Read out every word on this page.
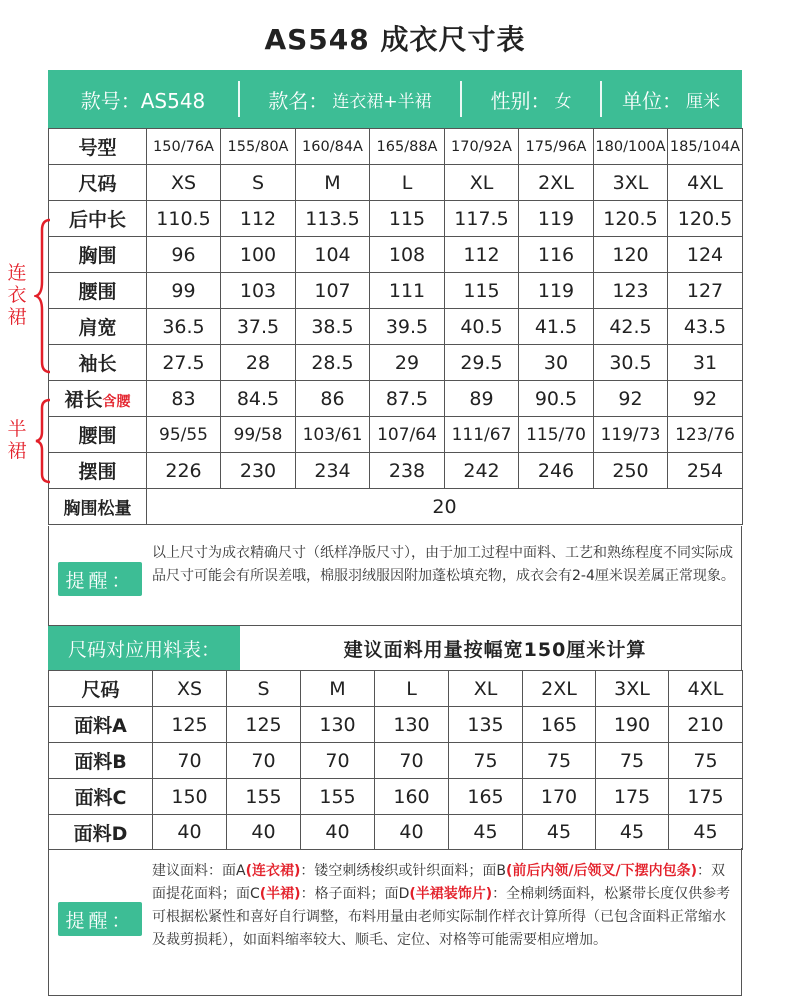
AS548 成衣尺寸表
款号：AS548	款名： 连衣裙+半裙	性别： 女	单位： 厘米
号型	150/76A	155/80A	160/84A	165/88A	170/92A	175/96A	180/100A	185/104A
尺码	XS	S	M	L	XL	2XL	3XL	4XL
后中长	110.5	112	113.5	115	117.5	119	120.5	120.5
胸围	96	100	104	108	112	116	120	124
腰围	99	103	107	111	115	119	123	127
肩宽	36.5	37.5	38.5	39.5	40.5	41.5	42.5	43.5
袖长	27.5	28	28.5	29	29.5	30	30.5	31
裙长含腰	83	84.5	86	87.5	89	90.5	92	92
腰围	95/55	99/58	103/61	107/64	111/67	115/70	119/73	123/76
摆围	226	230	234	238	242	246	250	254
胸围松量	20							
连
衣
裙
半
裙
提醒：
以上尺寸为成衣精确尺寸（纸样净版尺寸），由于加工过程中面料、工艺和熟练程度不同实际成品尺寸可能会有所误差哦，棉服羽绒服因附加蓬松填充物，成衣会有2-4厘米误差属正常现象。
尺码对应用料表：	建议面料用量按幅宽150厘米计算
尺码	XS	S	M	L	XL	2XL	3XL	4XL
面料A	125	125	130	130	135	165	190	210
面料B	70	70	70	70	75	75	75	75
面料C	150	155	155	160	165	170	175	175
面料D	40	40	40	40	45	45	45	45
提醒：
建议面料：面A(连衣裙)：镂空刺绣梭织或针织面料；面B(前后内领/后领叉/下摆内包条)：双面提花面料；面C(半裙)：格子面料；面D(半裙装饰片)：全棉刺绣面料，松紧带长度仅供参考可根据松紧性和喜好自行调整，布料用量由老师实际制作样衣计算所得（已包含面料正常缩水及裁剪损耗），如面料缩率较大、顺毛、定位、对格等可能需要相应增加。
